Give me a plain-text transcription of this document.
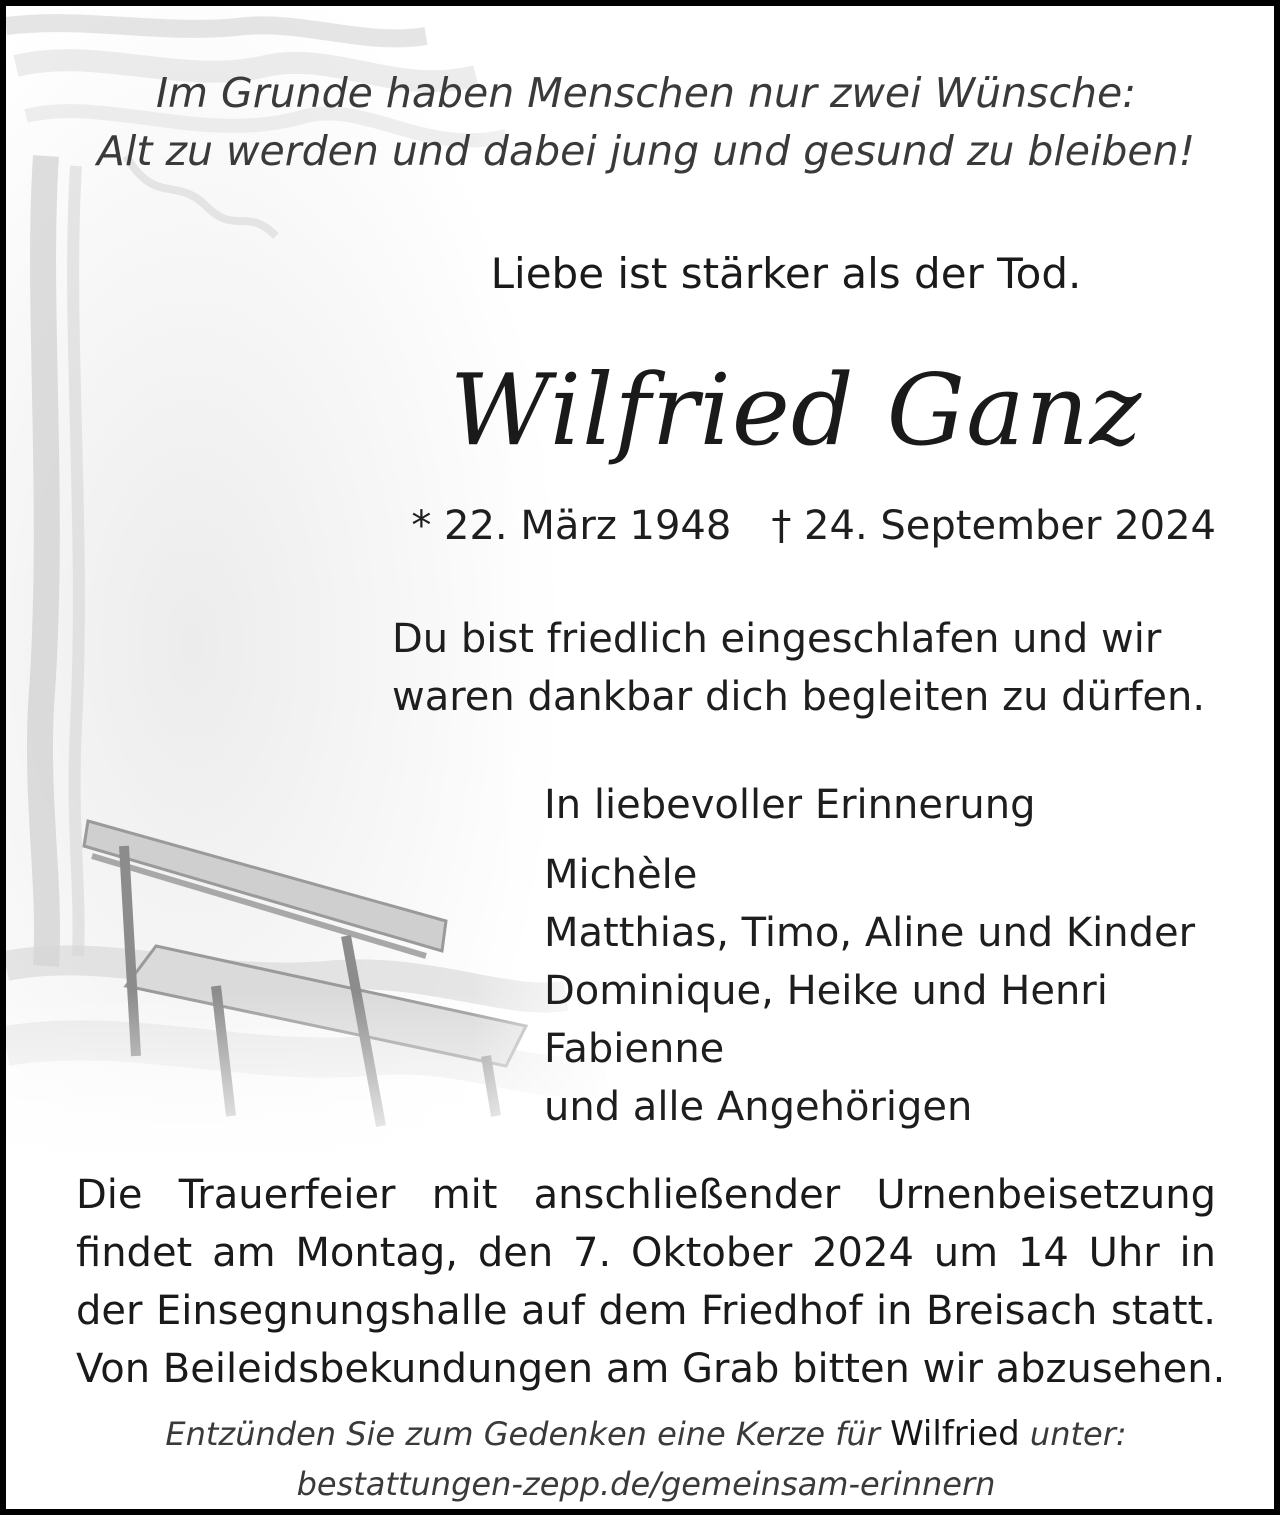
Im Grunde haben Menschen nur zwei Wünsche:
Alt zu werden und dabei jung und gesund zu bleiben!
Liebe ist stärker als der Tod.
Wilfried Ganz
* 22. März 1948 † 24. September 2024
Du bist friedlich eingeschlafen und wir
waren dankbar dich begleiten zu dürfen.
In liebevoller Erinnerung
Michèle
Matthias, Timo, Aline und Kinder
Dominique, Heike und Henri
Fabienne
und alle Angehörigen
Die Trauerfeier mit anschließender Urnenbeisetzung
findet am Montag, den 7. Oktober 2024 um 14 Uhr in
der Einsegnungshalle auf dem Friedhof in Breisach statt.
Von Beileidsbekundungen am Grab bitten wir abzusehen.
Entzünden Sie zum Gedenken eine Kerze für Wilfried unter:
bestattungen-zepp.de/gemeinsam-erinnern
